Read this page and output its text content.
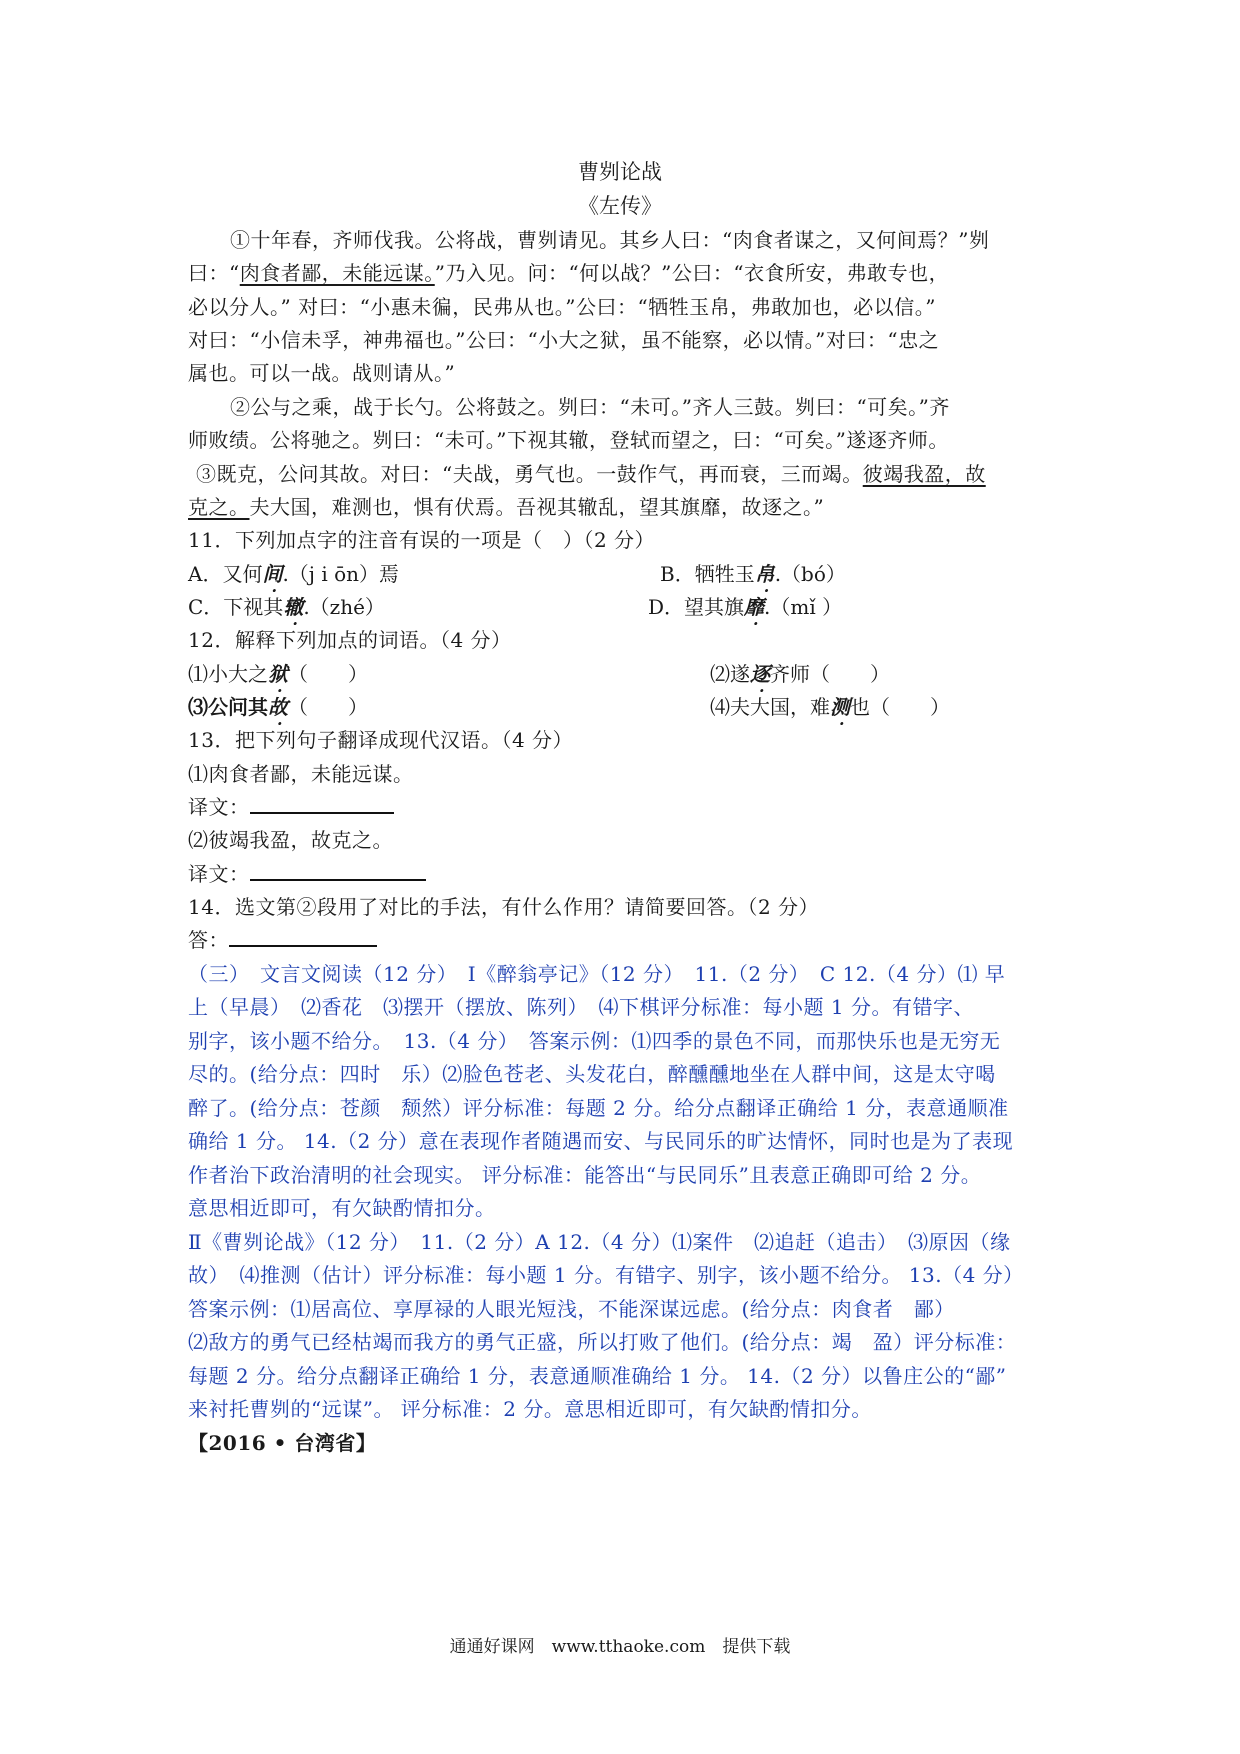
曹刿论战
《左传》
①十年春，齐师伐我。公将战，曹刿请见。其乡人曰：“肉食者谋之，又何间焉？”刿
曰：“肉食者鄙，未能远谋。”乃入见。问：“何以战？”公曰：“衣食所安，弗敢专也，
必以分人。” 对曰：“小惠未徧，民弗从也。”公曰：“牺牲玉帛，弗敢加也，必以信。”
对曰：“小信未孚，神弗福也。”公曰：“小大之狱，虽不能察，必以情。”对曰：“忠之
属也。可以一战。战则请从。”
②公与之乘，战于长勺。公将鼓之。刿曰：“未可。”齐人三鼓。刿曰：“可矣。”齐
师败绩。公将驰之。刿曰：“未可。”下视其辙，登轼而望之，曰：“可矣。”遂逐齐师。
③既克，公问其故。对曰：“夫战，勇气也。一鼓作气，再而衰，三而竭。彼竭我盈，故
克之。夫大国，难测也，惧有伏焉。吾视其辙乱，望其旗靡，故逐之。”
11．下列加点字的注音有误的一项是（　）（2 分）
A．又何间.（j i ōn）焉	B．牺牲玉帛.（bó）
C．下视其辙.（zhé）	D．望其旗靡.（mǐ ）
12．解释下列加点的词语。（4 分）
⑴小大之狱（　　）	⑵遂逐齐师（　　）
⑶公问其故（　　）	⑷夫大国，难测也（　　）
13．把下列句子翻译成现代汉语。（4 分）
⑴肉食者鄙，未能远谋。
译文：
⑵彼竭我盈，故克之。
译文：
14．选文第②段用了对比的手法，有什么作用？请简要回答。（2 分）
答：
（三）　文言文阅读（12 分）　Ⅰ《醉翁亭记》（12 分）　11.（2 分）　C 12.（4 分）⑴ 早
上（早晨）　⑵香花　⑶摆开（摆放、陈列）　⑷下棋评分标准：每小题 1 分。有错字、
别字，该小题不给分。　13.（4 分）　答案示例：⑴四季的景色不同，而那快乐也是无穷无
尽的。(给分点：四时　乐）⑵脸色苍老、头发花白，醉醺醺地坐在人群中间，这是太守喝
醉了。(给分点：苍颜　颓然）评分标准：每题 2 分。给分点翻译正确给 1 分，表意通顺准
确给 1 分。 14.（2 分）意在表现作者随遇而安、与民同乐的旷达情怀，同时也是为了表现
作者治下政治清明的社会现实。 评分标准：能答出“与民同乐”且表意正确即可给 2 分。
意思相近即可，有欠缺酌情扣分。
Ⅱ《曹刿论战》（12 分）　11.（2 分）A 12.（4 分）⑴案件　⑵追赶（追击）　⑶原因（缘
故）　⑷推测（估计）评分标准：每小题 1 分。有错字、别字，该小题不给分。 13.（4 分）
答案示例：⑴居高位、享厚禄的人眼光短浅，不能深谋远虑。(给分点：肉食者　鄙）
⑵敌方的勇气已经枯竭而我方的勇气正盛，所以打败了他们。(给分点：竭　盈）评分标准：
每题 2 分。给分点翻译正确给 1 分，表意通顺准确给 1 分。 14.（2 分）以鲁庄公的“鄙”
来衬托曹刿的“远谋”。 评分标准：2 分。意思相近即可，有欠缺酌情扣分。
【2016 • 台湾省】
通通好课网　www.tthaoke.com　提供下载
